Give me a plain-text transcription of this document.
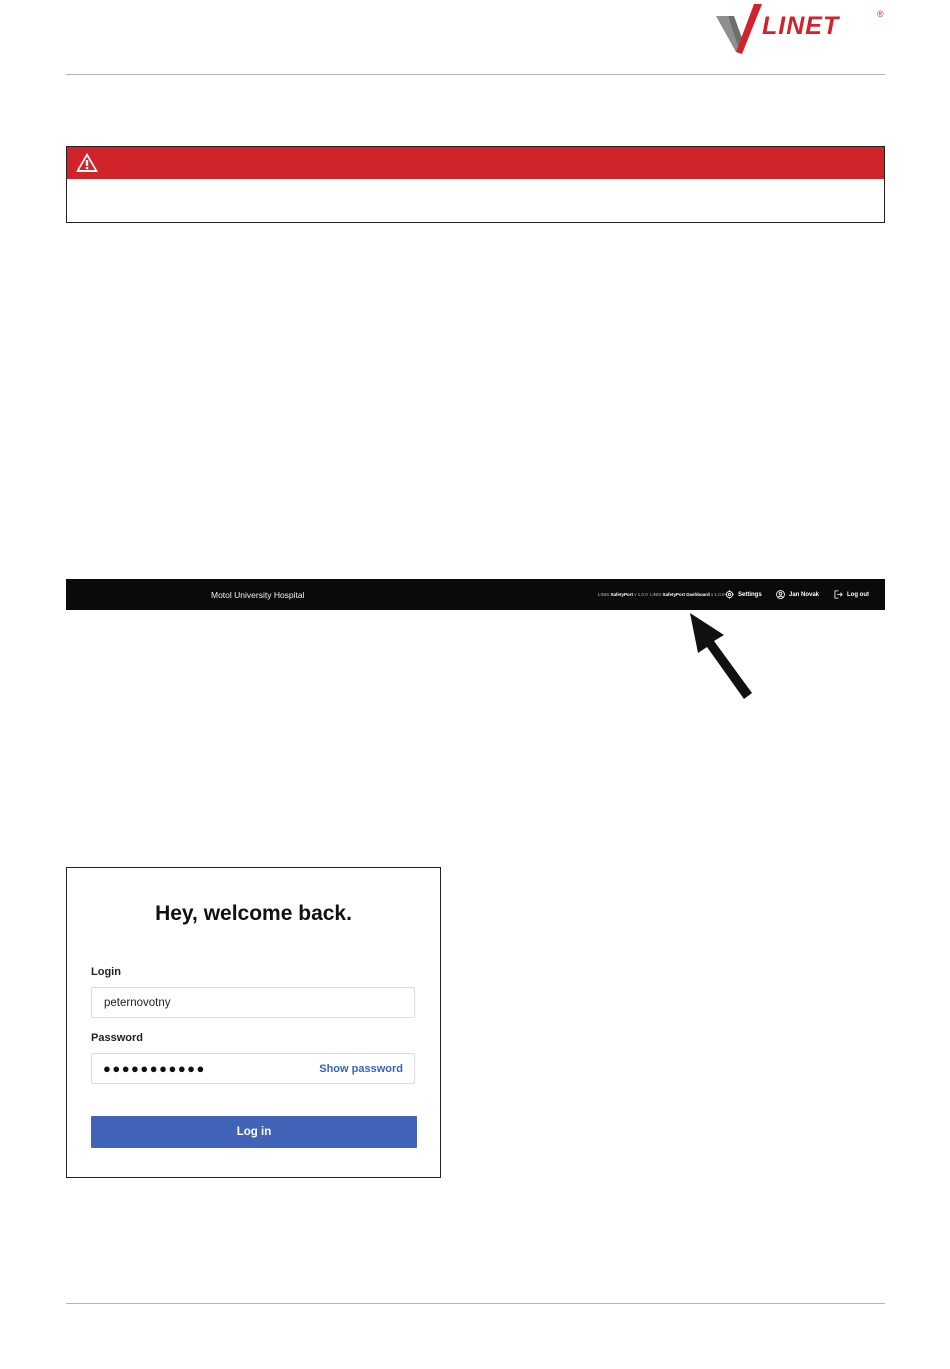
LINET	®
Motol University Hospital	LINIS SafetyPort v 1.0.0 LINIS SafetyPort Dashboard v 1.0.0 Settings	Jan Novak	Log out
Hey, welcome back.
Login
peternovotny
Password
●●●●●●●●●●●	Show password
Log in
